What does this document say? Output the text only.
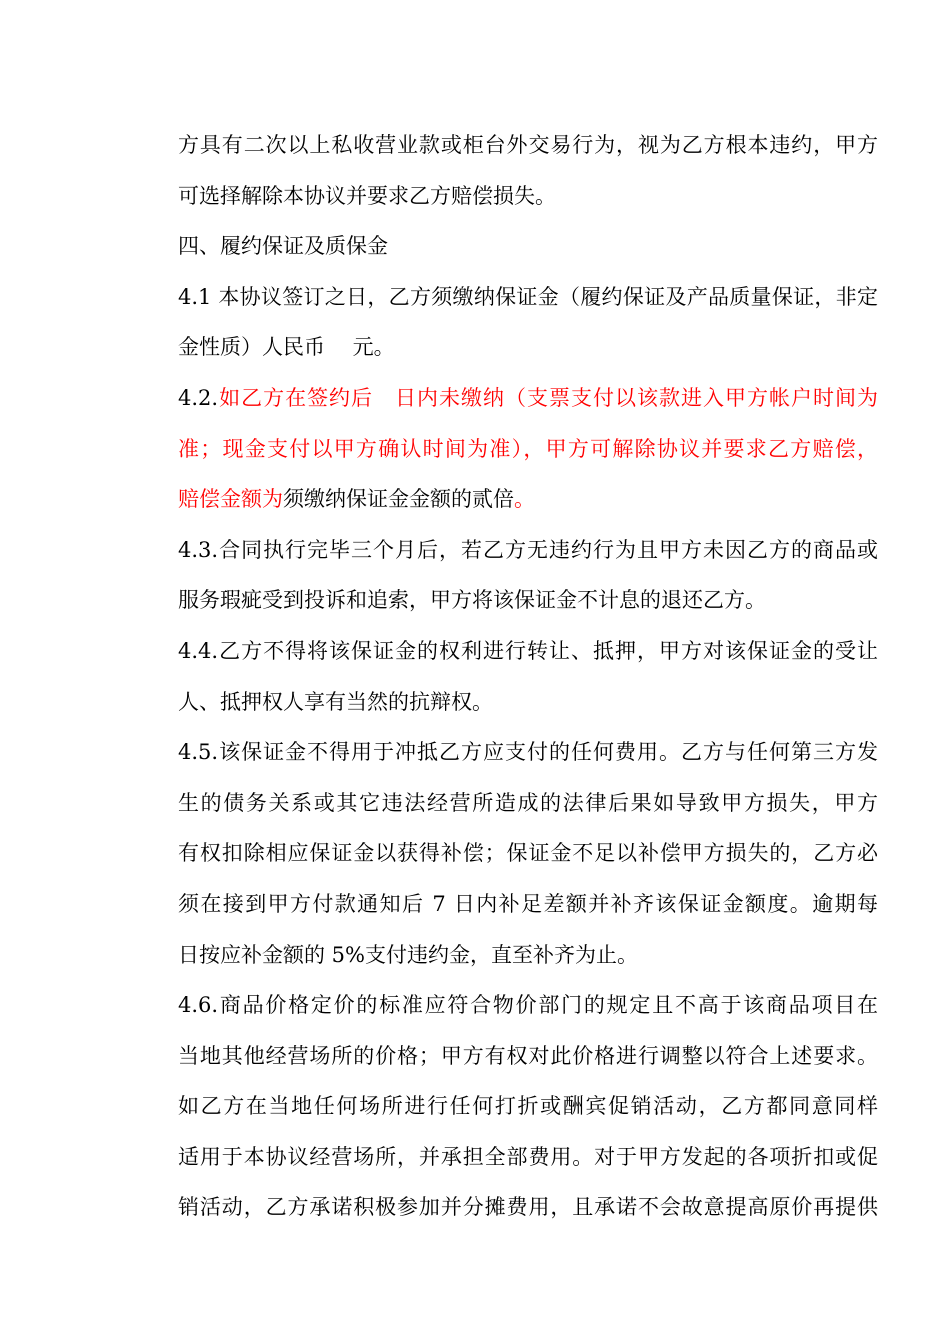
方具有二次以上私收营业款或柜台外交易行为，视为乙方根本违约，甲方
可选择解除本协议并要求乙方赔偿损失。
四、履约保证及质保金
4.1 本协议签订之日，乙方须缴纳保证金（履约保证及产品质量保证，非定
金性质）人民币　 元。
4.2.如乙方在签约后　日内未缴纳（支票支付以该款进入甲方帐户时间为
准；现金支付以甲方确认时间为准），甲方可解除协议并要求乙方赔偿，
赔偿金额为须缴纳保证金金额的贰倍。
4.3.合同执行完毕三个月后，若乙方无违约行为且甲方未因乙方的商品或
服务瑕疵受到投诉和追索，甲方将该保证金不计息的退还乙方。
4.4.乙方不得将该保证金的权利进行转让、抵押，甲方对该保证金的受让
人、抵押权人享有当然的抗辩权。
4.5.该保证金不得用于冲抵乙方应支付的任何费用。乙方与任何第三方发
生的债务关系或其它违法经营所造成的法律后果如导致甲方损失，甲方
有权扣除相应保证金以获得补偿；保证金不足以补偿甲方损失的，乙方必
须在接到甲方付款通知后 7 日内补足差额并补齐该保证金额度。逾期每
日按应补金额的 5%支付违约金，直至补齐为止。
4.6.商品价格定价的标准应符合物价部门的规定且不高于该商品项目在
当地其他经营场所的价格；甲方有权对此价格进行调整以符合上述要求。
如乙方在当地任何场所进行任何打折或酬宾促销活动，乙方都同意同样
适用于本协议经营场所，并承担全部费用。对于甲方发起的各项折扣或促
销活动，乙方承诺积极参加并分摊费用，且承诺不会故意提高原价再提供
